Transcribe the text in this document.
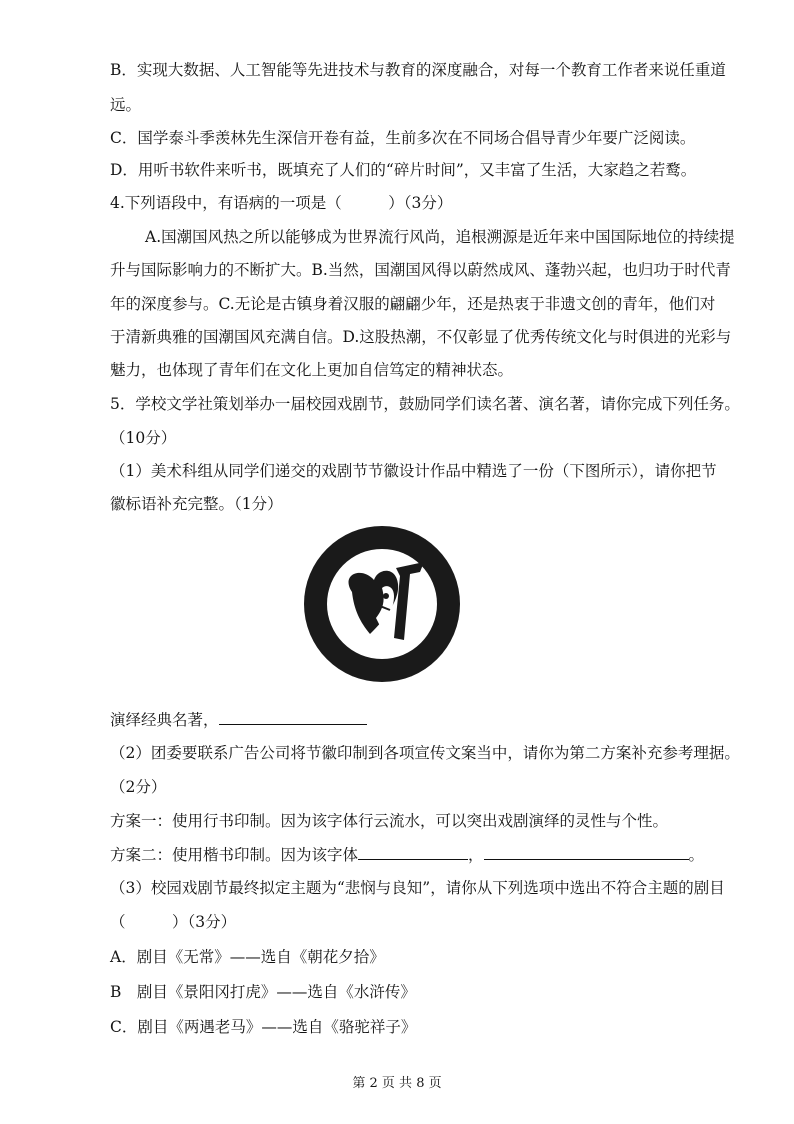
B．实现大数据、人工智能等先进技术与教育的深度融合，对每一个教育工作者来说任重道
远。
C．国学泰斗季羡林先生深信开卷有益，生前多次在不同场合倡导青少年要广泛阅读。
D．用听书软件来听书，既填充了人们的“碎片时间”，又丰富了生活，大家趋之若鹜。
4.下列语段中，有语病的一项是（　　　）（3分）
A.国潮国风热之所以能够成为世界流行风尚，追根溯源是近年来中国国际地位的持续提
升与国际影响力的不断扩大。B.当然，国潮国风得以蔚然成风、蓬勃兴起，也归功于时代青
年的深度参与。C.无论是古镇身着汉服的翩翩少年，还是热衷于非遗文创的青年，他们对
于清新典雅的国潮国风充满自信。D.这股热潮，不仅彰显了优秀传统文化与时俱进的光彩与
魅力，也体现了青年们在文化上更加自信笃定的精神状态。
5．学校文学社策划举办一届校园戏剧节，鼓励同学们读名著、演名著，请你完成下列任务。
（10分）
（1）美术科组从同学们递交的戏剧节节徽设计作品中精选了一份（下图所示），请你把节
徽标语补充完整。（1分）
演绎经典名著，
（2）团委要联系广告公司将节徽印制到各项宣传文案当中，请你为第二方案补充参考理据。
（2分）
方案一：使用行书印制。因为该字体行云流水，可以突出戏剧演绎的灵性与个性。
方案二：使用楷书印制。因为该字体	，	。
（3）校园戏剧节最终拟定主题为“悲悯与良知”，请你从下列选项中选出不符合主题的剧目
（　　　）（3分）
A．剧目《无常》——选自《朝花夕拾》
B　剧目《景阳冈打虎》——选自《水浒传》
C．剧目《两遇老马》——选自《骆驼祥子》
第 2 页 共 8 页
